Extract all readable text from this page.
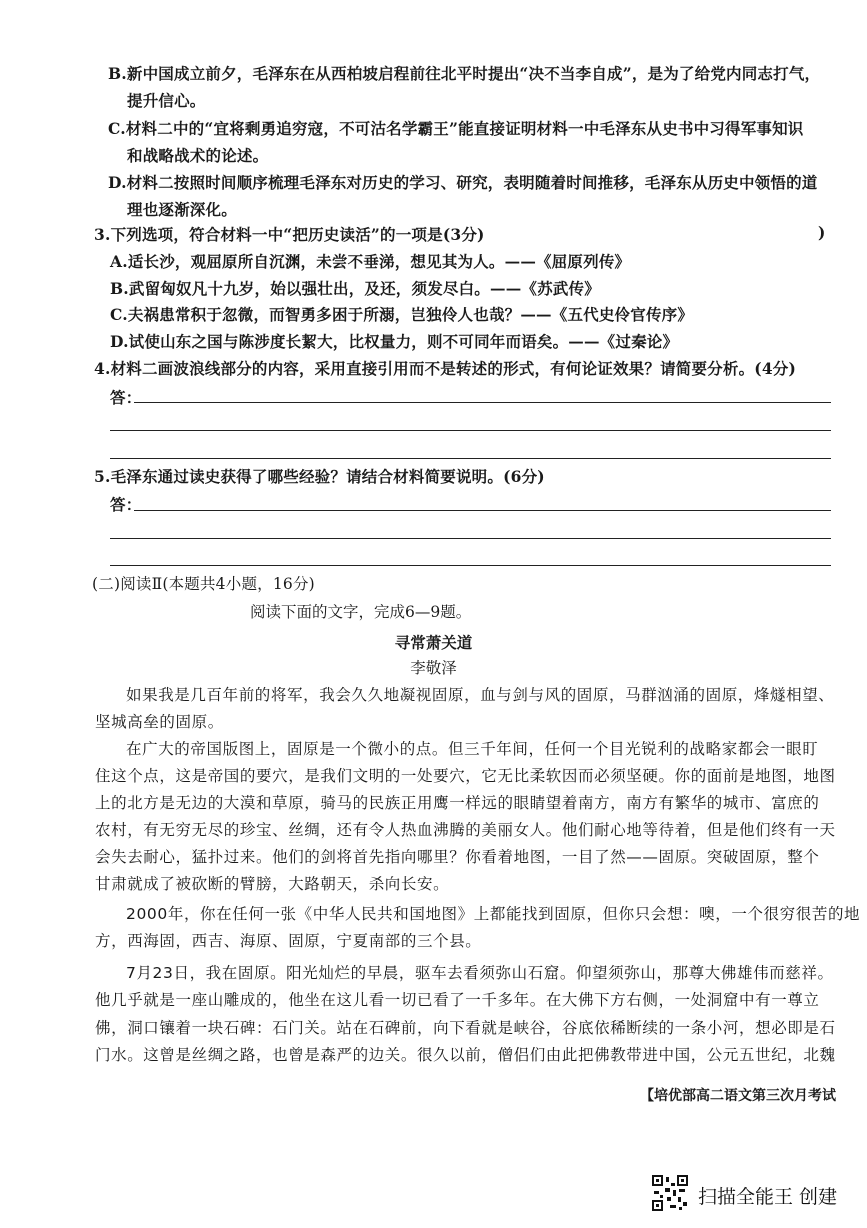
B.新中国成立前夕，毛泽东在从西柏坡启程前往北平时提出“决不当李自成”，是为了给党内同志打气，
提升信心。
C.材料二中的“宜将剩勇追穷寇，不可沽名学霸王”能直接证明材料一中毛泽东从史书中习得军事知识
和战略战术的论述。
D.材料二按照时间顺序梳理毛泽东对历史的学习、研究，表明随着时间推移，毛泽东从历史中领悟的道
理也逐渐深化。
3.下列选项，符合材料一中“把历史读活”的一项是(3分)	)
A.适长沙，观屈原所自沉渊，未尝不垂涕，想见其为人。——《屈原列传》
B.武留匈奴凡十九岁，始以强壮出，及还，须发尽白。——《苏武传》
C.夫祸患常积于忽微，而智勇多困于所溺，岂独伶人也哉？——《五代史伶官传序》
D.试使山东之国与陈涉度长絜大，比权量力，则不可同年而语矣。——《过秦论》
4.材料二画波浪线部分的内容，采用直接引用而不是转述的形式，有何论证效果？请简要分析。(4分)
答：
5.毛泽东通过读史获得了哪些经验？请结合材料简要说明。(6分)
答：
(二)阅读Ⅱ(本题共4小题，16分)
阅读下面的文字，完成6—9题。
寻常萧关道
李敬泽
如果我是几百年前的将军，我会久久地凝视固原，血与剑与风的固原，马群汹涌的固原，烽燧相望、
坚城高垒的固原。
在广大的帝国版图上，固原是一个微小的点。但三千年间，任何一个目光锐利的战略家都会一眼盯
住这个点，这是帝国的要穴，是我们文明的一处要穴，它无比柔软因而必须坚硬。你的面前是地图，地图
上的北方是无边的大漠和草原，骑马的民族正用鹰一样远的眼睛望着南方，南方有繁华的城市、富庶的
农村，有无穷无尽的珍宝、丝绸，还有令人热血沸腾的美丽女人。他们耐心地等待着，但是他们终有一天
会失去耐心，猛扑过来。他们的剑将首先指向哪里？你看着地图，一目了然——固原。突破固原，整个
甘肃就成了被砍断的臂膀，大路朝天，杀向长安。
2000年，你在任何一张《中华人民共和国地图》上都能找到固原，但你只会想：噢，一个很穷很苦的地
方，西海固，西吉、海原、固原，宁夏南部的三个县。
7月23日，我在固原。阳光灿烂的早晨，驱车去看须弥山石窟。仰望须弥山，那尊大佛雄伟而慈祥。
他几乎就是一座山雕成的，他坐在这儿看一切已看了一千多年。在大佛下方右侧，一处洞窟中有一尊立
佛，洞口镶着一块石碑：石门关。站在石碑前，向下看就是峡谷，谷底依稀断续的一条小河，想必即是石
门水。这曾是丝绸之路，也曾是森严的边关。很久以前，僧侣们由此把佛教带进中国，公元五世纪，北魏
【培优部高二语文第三次月考试
扫描全能王 创建
